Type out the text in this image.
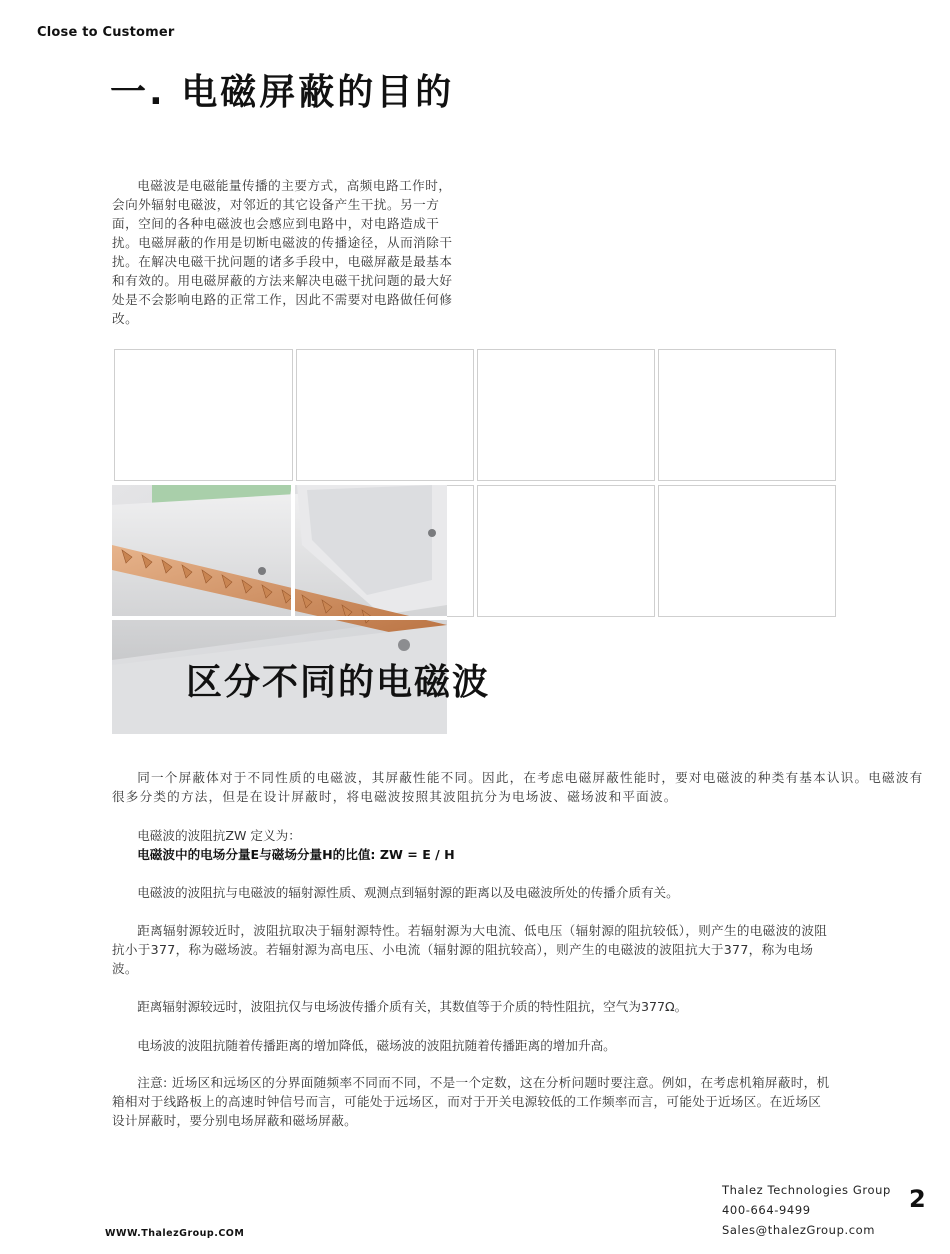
Close to Customer
一. 电磁屏蔽的目的
电磁波是电磁能量传播的主要方式，高频电路工作时，会向外辐射电磁波，对邻近的其它设备产生干扰。另一方面，空间的各种电磁波也会感应到电路中，对电路造成干扰。电磁屏蔽的作用是切断电磁波的传播途径，从而消除干扰。在解决电磁干扰问题的诸多手段中，电磁屏蔽是最基本和有效的。用电磁屏蔽的方法来解决电磁干扰问题的最大好处是不会影响电路的正常工作，因此不需要对电路做任何修改。
区分不同的电磁波
同一个屏蔽体对于不同性质的电磁波，其屏蔽性能不同。因此，在考虑电磁屏蔽性能时，要对电磁波的种类有基本认识。电磁波有很多分类的方法，但是在设计屏蔽时，将电磁波按照其波阻抗分为电场波、磁场波和平面波。
电磁波的波阻抗ZW 定义为：
电磁波中的电场分量E与磁场分量H的比值: ZW = E / H
电磁波的波阻抗与电磁波的辐射源性质、观测点到辐射源的距离以及电磁波所处的传播介质有关。
距离辐射源较近时，波阻抗取决于辐射源特性。若辐射源为大电流、低电压（辐射源的阻抗较低），则产生的电磁波的波阻抗小于377，称为磁场波。若辐射源为高电压、小电流（辐射源的阻抗较高），则产生的电磁波的波阻抗大于377，称为电场波。
距离辐射源较远时，波阻抗仅与电场波传播介质有关，其数值等于介质的特性阻抗，空气为377Ω。
电场波的波阻抗随着传播距离的增加降低，磁场波的波阻抗随着传播距离的增加升高。
注意: 近场区和远场区的分界面随频率不同而不同，不是一个定数，这在分析问题时要注意。例如，在考虑机箱屏蔽时，机箱相对于线路板上的高速时钟信号而言，可能处于远场区，而对于开关电源较低的工作频率而言，可能处于近场区。在近场区设计屏蔽时，要分别电场屏蔽和磁场屏蔽。
WWW.ThalezGroup.COM
Thalez Technologies Group
400-664-9499
Sales@thalezGroup.com
2
